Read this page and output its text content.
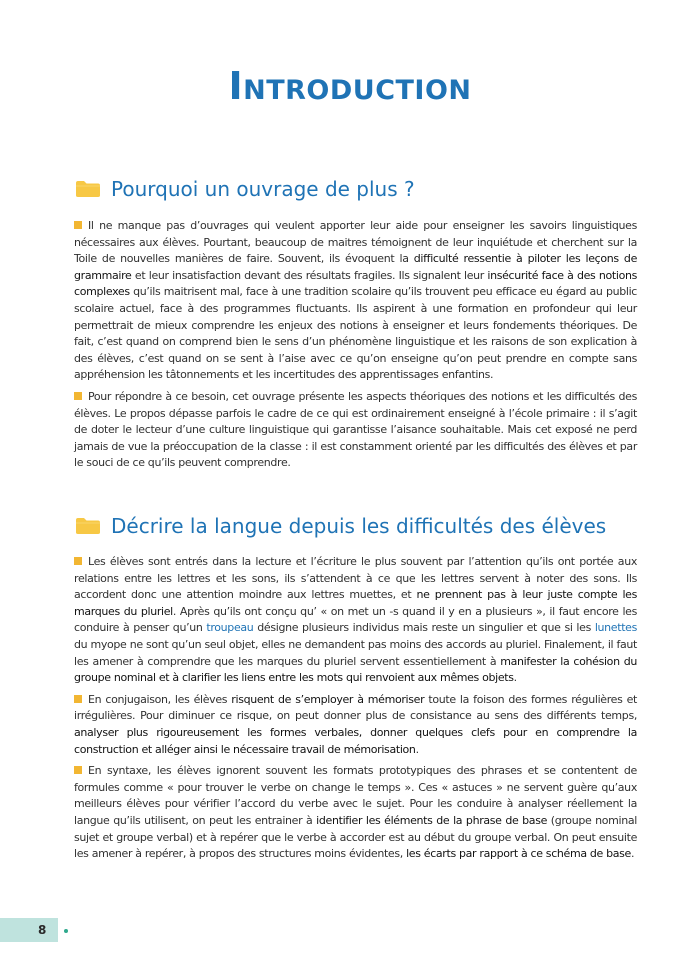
Introduction
Pourquoi un ouvrage de plus ?

Il ne manque pas d’ouvrages qui veulent apporter leur aide pour enseigner les savoirs linguistiques nécessaires aux élèves. Pourtant, beaucoup de maitres témoignent de leur inquiétude et cherchent sur la Toile de nouvelles manières de faire. Souvent, ils évoquent la difficulté ressentie à piloter les leçons de grammaire et leur insatisfaction devant des résultats fragiles. Ils signalent leur insécurité face à des notions complexes qu’ils maitrisent mal, face à une tradition scolaire qu’ils trouvent peu efficace eu égard au public scolaire actuel, face à des programmes fluctuants. Ils aspirent à une formation en profondeur qui leur permettrait de mieux comprendre les enjeux des notions à enseigner et leurs fondements théoriques. De fait, c’est quand on comprend bien le sens d’un phénomène linguistique et les raisons de son explication à des élèves, c’est quand on se sent à l’aise avec ce qu’on enseigne qu’on peut prendre en compte sans appréhension les tâtonnements et les incertitudes des apprentissages enfantins.

Pour répondre à ce besoin, cet ouvrage présente les aspects théoriques des notions et les difficultés des élèves. Le propos dépasse parfois le cadre de ce qui est ordinairement enseigné à l’école primaire : il s’agit de doter le lecteur d’une culture linguistique qui garantisse l’aisance souhaitable. Mais cet exposé ne perd jamais de vue la préoccupation de la classe : il est constamment orienté par les difficultés des élèves et par le souci de ce qu’ils peuvent comprendre.

Décrire la langue depuis les difficultés des élèves

Les élèves sont entrés dans la lecture et l’écriture le plus souvent par l’attention qu’ils ont portée aux relations entre les lettres et les sons, ils s’attendent à ce que les lettres servent à noter des sons. Ils accordent donc une attention moindre aux lettres muettes, et ne prennent pas à leur juste compte les marques du pluriel. Après qu’ils ont conçu qu’ « on met un -s quand il y en a plusieurs », il faut encore les conduire à penser qu’un troupeau désigne plusieurs individus mais reste un singulier et que si les lunettes du myope ne sont qu’un seul objet, elles ne demandent pas moins des accords au pluriel. Finalement, il faut les amener à comprendre que les marques du pluriel servent essentiellement à manifester la cohésion du groupe nominal et à clarifier les liens entre les mots qui renvoient aux mêmes objets.

En conjugaison, les élèves risquent de s’employer à mémoriser toute la foison des formes régulières et irrégulières. Pour diminuer ce risque, on peut donner plus de consistance au sens des différents temps, analyser plus rigoureusement les formes verbales, donner quelques clefs pour en comprendre la construction et alléger ainsi le nécessaire travail de mémorisation.

En syntaxe, les élèves ignorent souvent les formats prototypiques des phrases et se contentent de formules comme « pour trouver le verbe on change le temps ». Ces « astuces » ne servent guère qu’aux meilleurs élèves pour vérifier l’accord du verbe avec le sujet. Pour les conduire à analyser réellement la langue qu’ils utilisent, on peut les entrainer à identifier les éléments de la phrase de base (groupe nominal sujet et groupe verbal) et à repérer que le verbe à accorder est au début du groupe verbal. On peut ensuite les amener à repérer, à propos des structures moins évidentes, les écarts par rapport à ce schéma de base.

8
